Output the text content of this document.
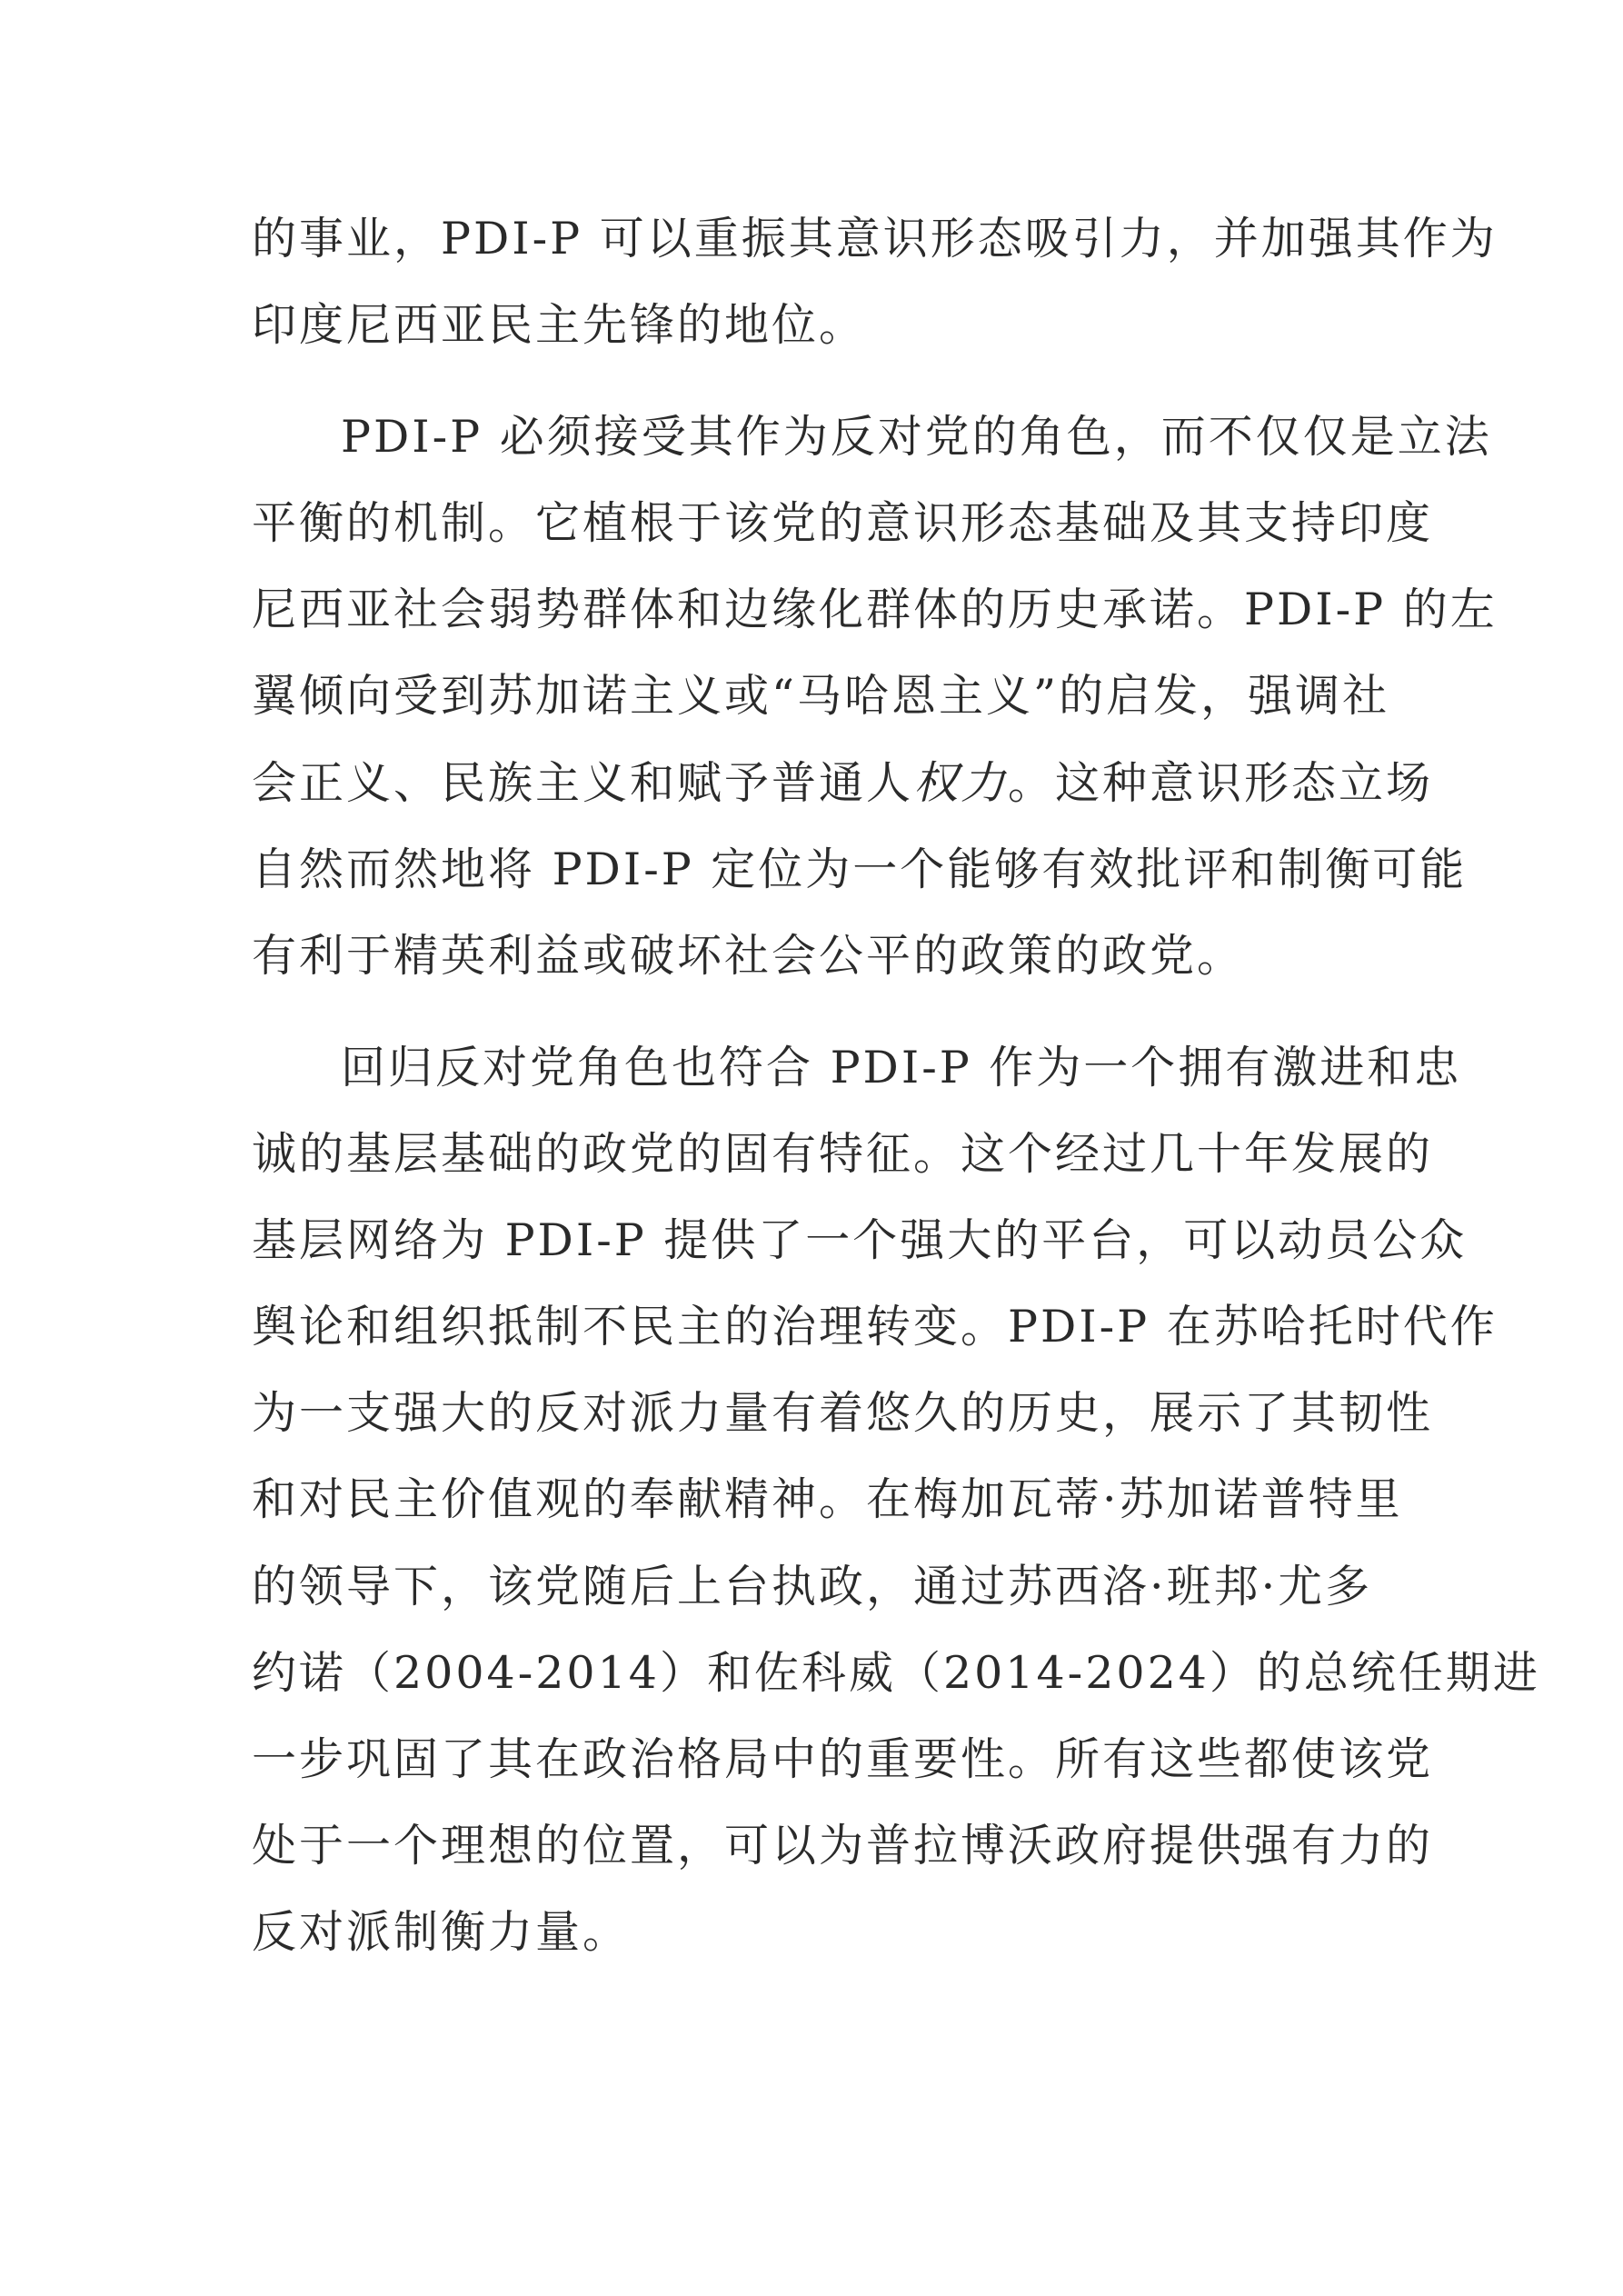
的事业，PDI-P 可以重振其意识形态吸引力，并加强其作为
印度尼西亚民主先锋的地位。
PDI-P 必须接受其作为反对党的角色，而不仅仅是立法
平衡的机制。它植根于该党的意识形态基础及其支持印度
尼西亚社会弱势群体和边缘化群体的历史承诺。PDI-P 的左
翼倾向受到苏加诺主义或“马哈恩主义”的启发，强调社
会正义、民族主义和赋予普通人权力。这种意识形态立场
自然而然地将 PDI-P 定位为一个能够有效批评和制衡可能
有利于精英利益或破坏社会公平的政策的政党。
回归反对党角色也符合 PDI-P 作为一个拥有激进和忠
诚的基层基础的政党的固有特征。这个经过几十年发展的
基层网络为 PDI-P 提供了一个强大的平台，可以动员公众
舆论和组织抵制不民主的治理转变。PDI-P 在苏哈托时代作
为一支强大的反对派力量有着悠久的历史，展示了其韧性
和对民主价值观的奉献精神。在梅加瓦蒂·苏加诺普特里
的领导下，该党随后上台执政，通过苏西洛·班邦·尤多
约诺（2004-2014）和佐科威（2014-2024）的总统任期进
一步巩固了其在政治格局中的重要性。所有这些都使该党
处于一个理想的位置，可以为普拉博沃政府提供强有力的
反对派制衡力量。
